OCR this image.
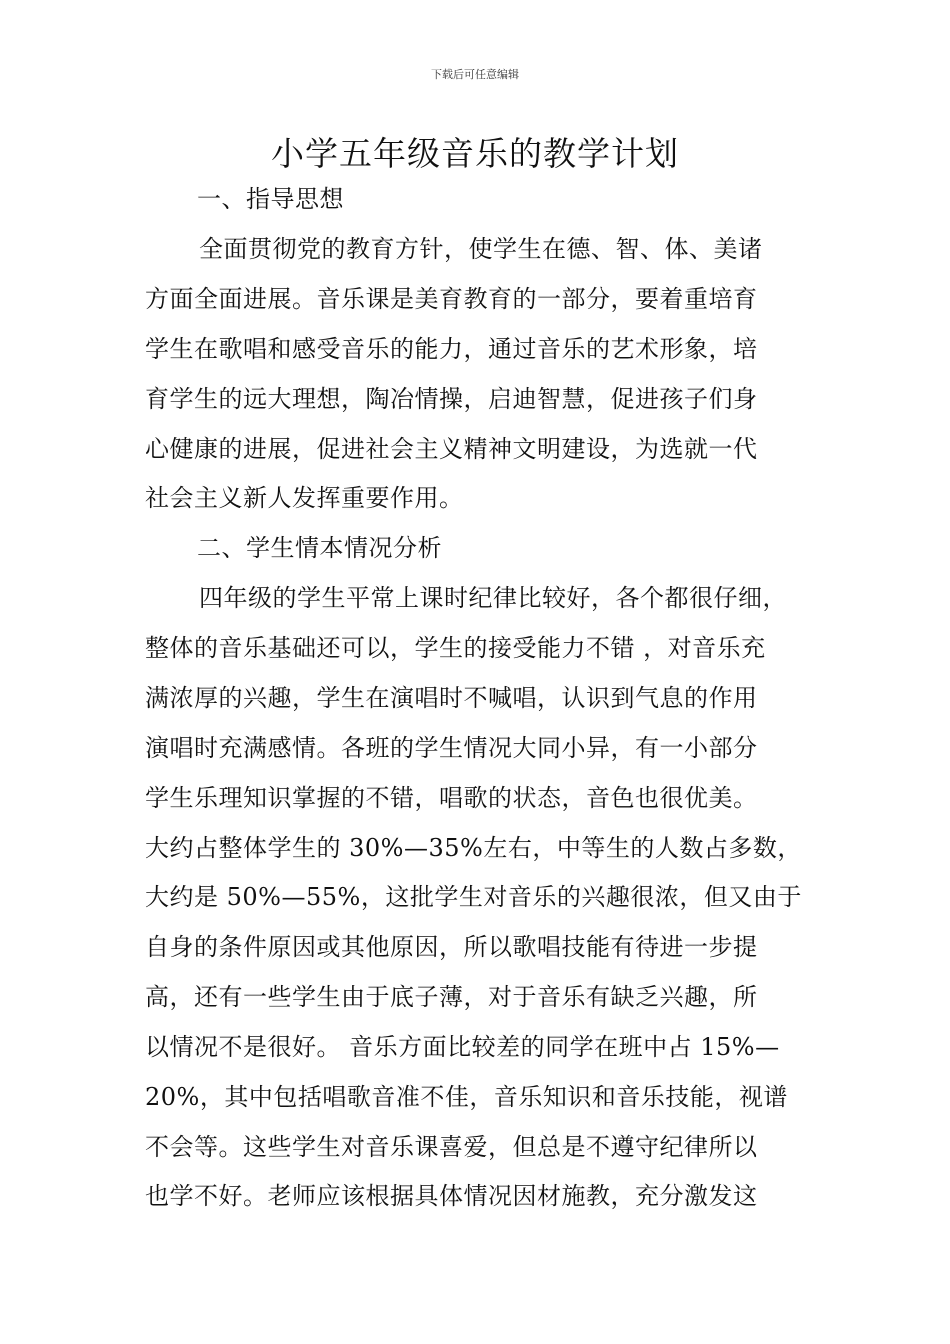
下载后可任意编辑
小学五年级音乐的教学计划
一、指导思想
全面贯彻党的教育方针，使学生在德、智、体、美诸
方面全面进展。音乐课是美育教育的一部分，要着重培育
学生在歌唱和感受音乐的能力，通过音乐的艺术形象，培
育学生的远大理想，陶冶情操，启迪智慧，促进孩子们身
心健康的进展，促进社会主义精神文明建设，为选就一代
社会主义新人发挥重要作用。
二、学生情本情况分析
四年级的学生平常上课时纪律比较好，各个都很仔细，
整体的音乐基础还可以，学生的接受能力不错 ，对音乐充
满浓厚的兴趣，学生在演唱时不喊唱，认识到气息的作用
演唱时充满感情。各班的学生情况大同小异，有一小部分
学生乐理知识掌握的不错，唱歌的状态，音色也很优美。
大约占整体学生的 30%—35%左右，中等生的人数占多数，
大约是 50%—55%，这批学生对音乐的兴趣很浓，但又由于
自身的条件原因或其他原因，所以歌唱技能有待进一步提
高，还有一些学生由于底子薄，对于音乐有缺乏兴趣，所
以情况不是很好。 音乐方面比较差的同学在班中占 15%—
20%，其中包括唱歌音准不佳，音乐知识和音乐技能，视谱
不会等。这些学生对音乐课喜爱，但总是不遵守纪律所以
也学不好。老师应该根据具体情况因材施教，充分激发这
